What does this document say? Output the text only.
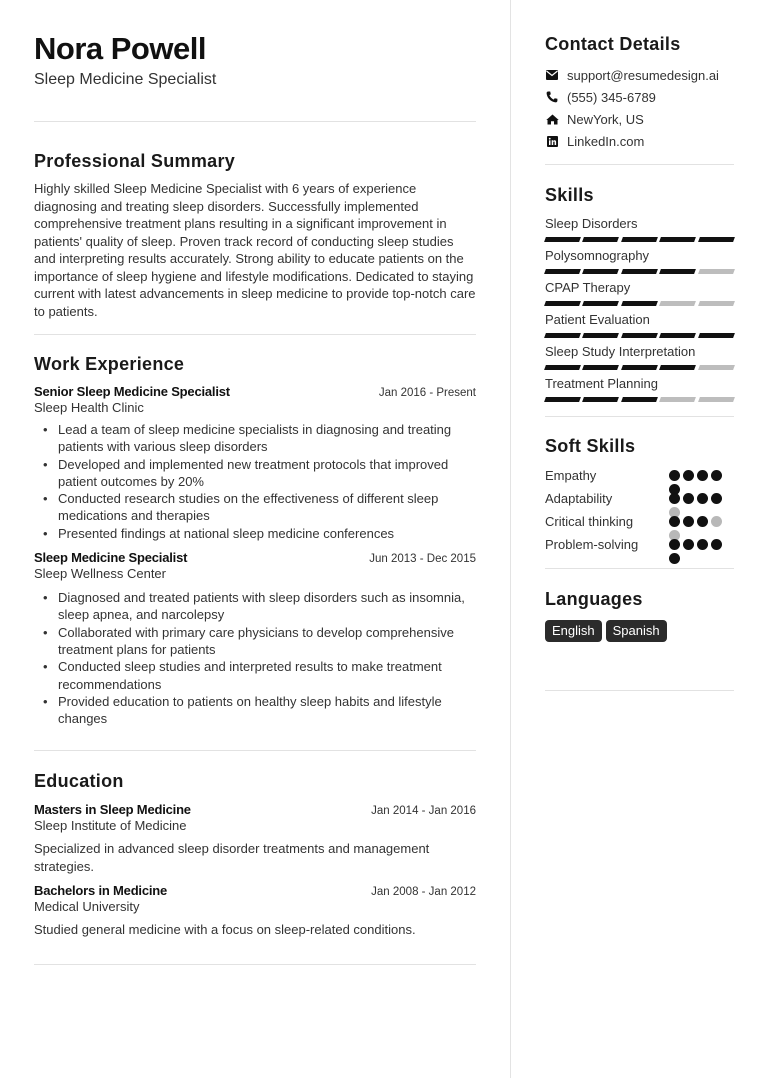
Nora Powell
Sleep Medicine Specialist
Professional Summary
Highly skilled Sleep Medicine Specialist with 6 years of experience diagnosing and treating sleep disorders. Successfully implemented comprehensive treatment plans resulting in a significant improvement in patients' quality of sleep. Proven track record of conducting sleep studies and interpreting results accurately. Strong ability to educate patients on the importance of sleep hygiene and lifestyle modifications. Dedicated to staying current with latest advancements in sleep medicine to provide top-notch care to patients.
Work Experience
Senior Sleep Medicine Specialist	Jan 2016 - Present
Sleep Health Clinic
• Lead a team of sleep medicine specialists in diagnosing and treating patients with various sleep disorders
• Developed and implemented new treatment protocols that improved patient outcomes by 20%
• Conducted research studies on the effectiveness of different sleep medications and therapies
• Presented findings at national sleep medicine conferences
Sleep Medicine Specialist	Jun 2013 - Dec 2015
Sleep Wellness Center
• Diagnosed and treated patients with sleep disorders such as insomnia, sleep apnea, and narcolepsy
• Collaborated with primary care physicians to develop comprehensive treatment plans for patients
• Conducted sleep studies and interpreted results to make treatment recommendations
• Provided education to patients on healthy sleep habits and lifestyle changes
Education
Masters in Sleep Medicine	Jan 2014 - Jan 2016
Sleep Institute of Medicine
Specialized in advanced sleep disorder treatments and management strategies.
Bachelors in Medicine	Jan 2008 - Jan 2012
Medical University
Studied general medicine with a focus on sleep-related conditions.
Contact Details
support@resumedesign.ai
(555) 345-6789
NewYork, US
LinkedIn.com
Skills
Sleep Disorders
Polysomnography
CPAP Therapy
Patient Evaluation
Sleep Study Interpretation
Treatment Planning
Soft Skills
Empathy
Adaptability
Critical thinking
Problem-solving
Languages
English	Spanish
